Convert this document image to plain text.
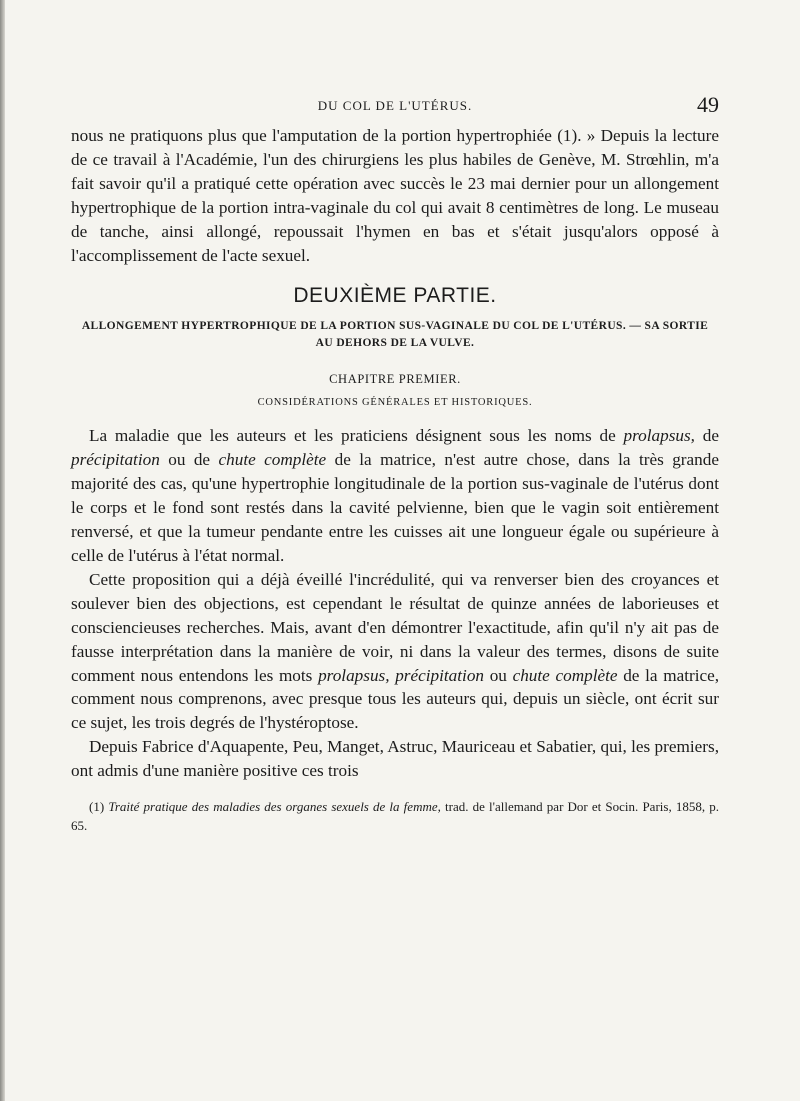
DU COL DE L'UTÉRUS.	49

nous ne pratiquons plus que l'amputation de la portion hypertrophiée (1). » Depuis la lecture de ce travail à l'Académie, l'un des chirurgiens les plus habiles de Genève, M. Strœhlin, m'a fait savoir qu'il a pratiqué cette opération avec succès le 23 mai dernier pour un allongement hypertrophique de la portion intra-vaginale du col qui avait 8 centimètres de long. Le museau de tanche, ainsi allongé, repoussait l'hymen en bas et s'était jusqu'alors opposé à l'accomplissement de l'acte sexuel.

DEUXIÈME PARTIE.
ALLONGEMENT HYPERTROPHIQUE DE LA PORTION SUS-VAGINALE DU COL DE L'UTÉRUS. — SA SORTIE AU DEHORS DE LA VULVE.
CHAPITRE PREMIER.
CONSIDÉRATIONS GÉNÉRALES ET HISTORIQUES.

La maladie que les auteurs et les praticiens désignent sous les noms de prolapsus, de précipitation ou de chute complète de la matrice, n'est autre chose, dans la très grande majorité des cas, qu'une hypertrophie longitudinale de la portion sus-vaginale de l'utérus dont le corps et le fond sont restés dans la cavité pelvienne, bien que le vagin soit entièrement renversé, et que la tumeur pendante entre les cuisses ait une longueur égale ou supérieure à celle de l'utérus à l'état normal.

Cette proposition qui a déjà éveillé l'incrédulité, qui va renverser bien des croyances et soulever bien des objections, est cependant le résultat de quinze années de laborieuses et consciencieuses recherches. Mais, avant d'en démontrer l'exactitude, afin qu'il n'y ait pas de fausse interprétation dans la manière de voir, ni dans la valeur des termes, disons de suite comment nous entendons les mots prolapsus, précipitation ou chute complète de la matrice, comment nous comprenons, avec presque tous les auteurs qui, depuis un siècle, ont écrit sur ce sujet, les trois degrés de l'hystéroptose.

Depuis Fabrice d'Aquapente, Peu, Manget, Astruc, Mauriceau et Sabatier, qui, les premiers, ont admis d'une manière positive ces trois

(1) Traité pratique des maladies des organes sexuels de la femme, trad. de l'allemand par Dor et Socin. Paris, 1858, p. 65.
